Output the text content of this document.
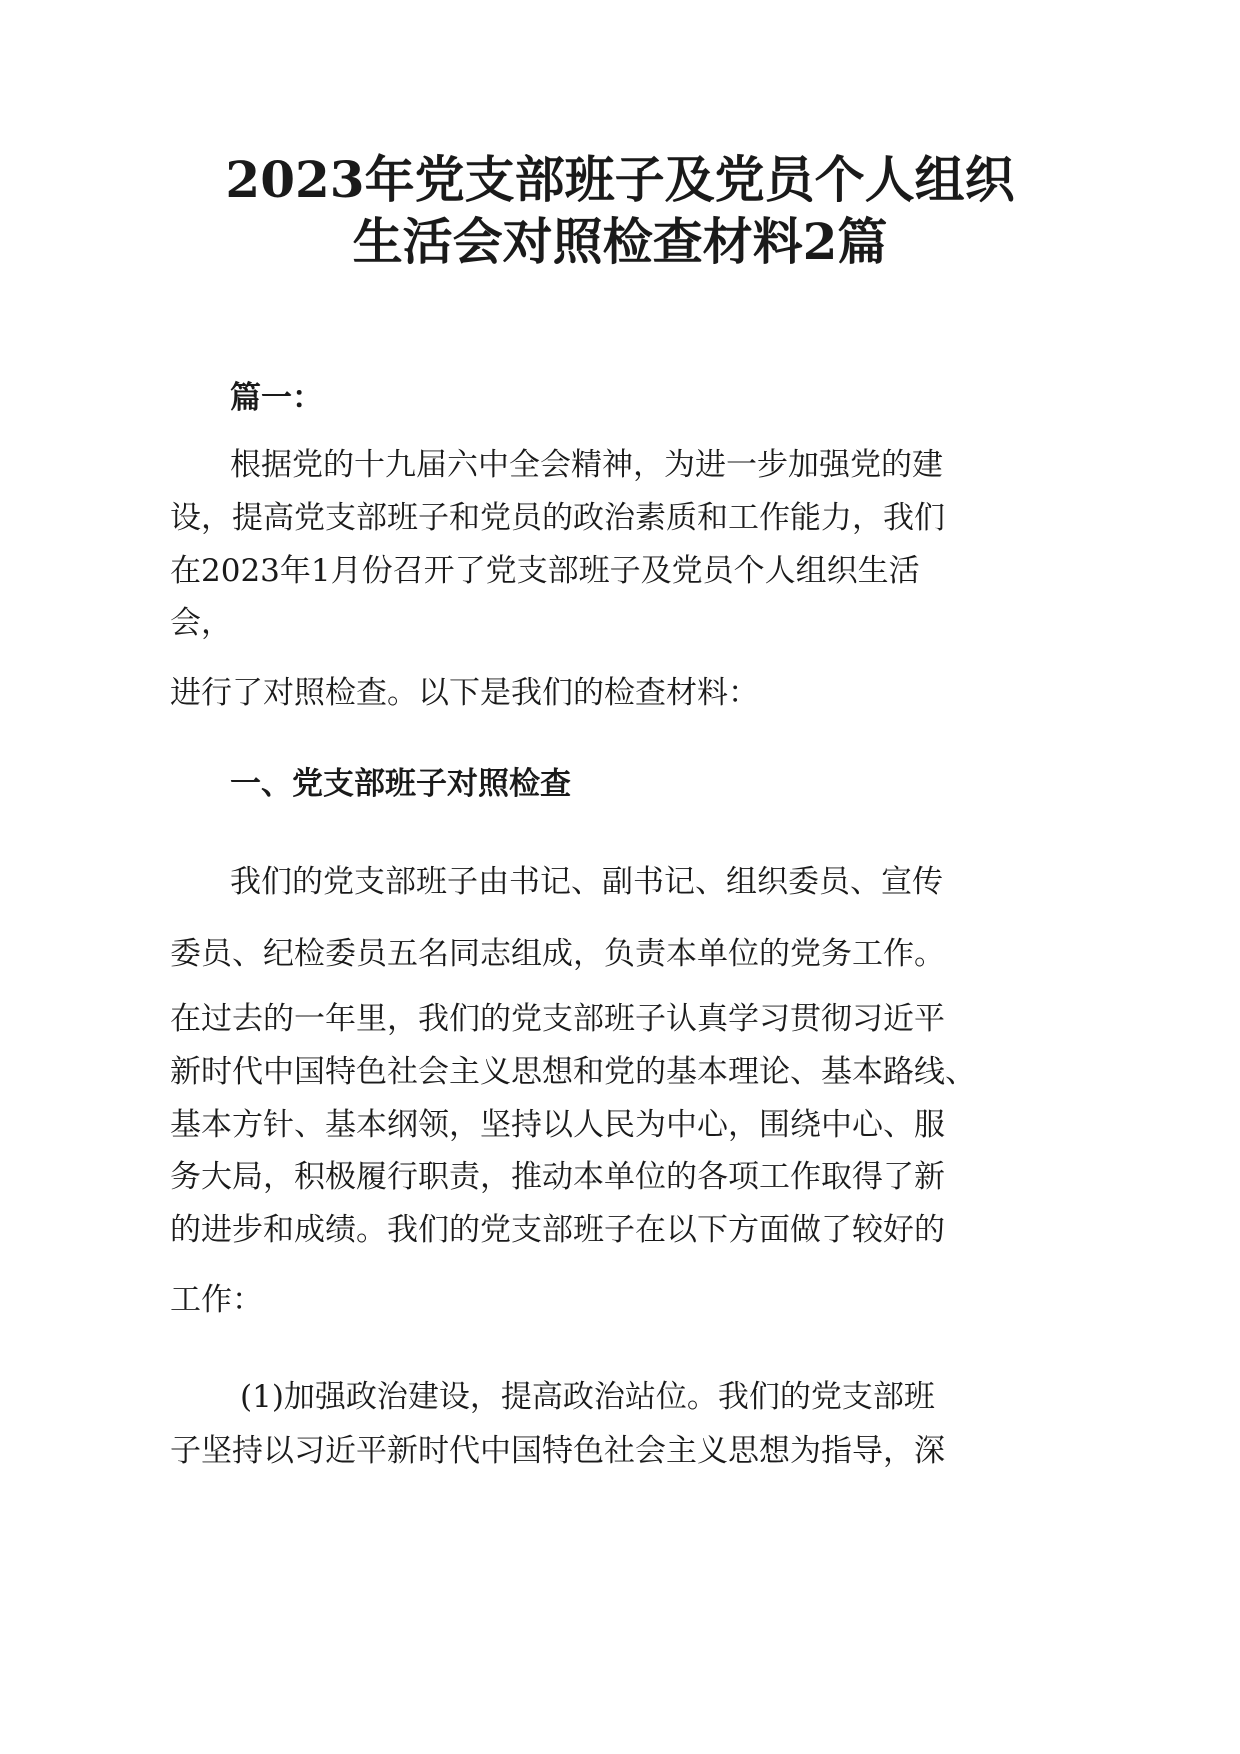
2023年党支部班子及党员个人组织
生活会对照检查材料2篇

篇一：

根据党的十九届六中全会精神，为进一步加强党的建

设，提高党支部班子和党员的政治素质和工作能力，我们

在2023年1月份召开了党支部班子及党员个人组织生活

会，

进行了对照检查。以下是我们的检查材料：

一、党支部班子对照检查

我们的党支部班子由书记、副书记、组织委员、宣传

委员、纪检委员五名同志组成，负责本单位的党务工作。

在过去的一年里，我们的党支部班子认真学习贯彻习近平

新时代中国特色社会主义思想和党的基本理论、基本路线、

基本方针、基本纲领，坚持以人民为中心，围绕中心、服

务大局，积极履行职责，推动本单位的各项工作取得了新

的进步和成绩。我们的党支部班子在以下方面做了较好的

工作：

(1)加强政治建设，提高政治站位。我们的党支部班

子坚持以习近平新时代中国特色社会主义思想为指导，深
